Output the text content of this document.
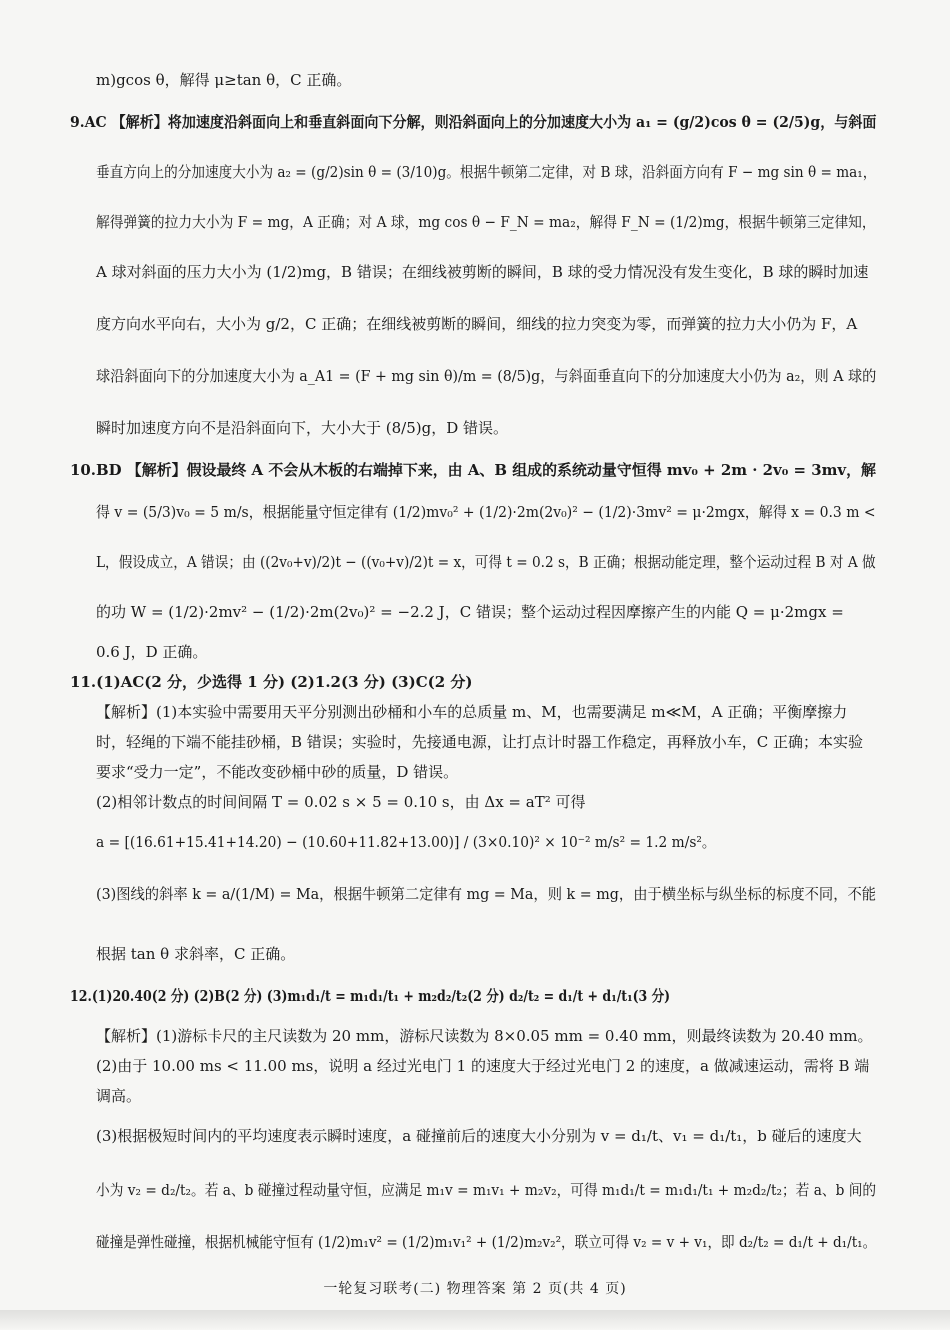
m)gcos θ，解得 μ≥tan θ，C 正确。
9.AC 【解析】将加速度沿斜面向上和垂直斜面向下分解，则沿斜面向上的分加速度大小为 a₁ = (g/2)cos θ = (2/5)g，与斜面
垂直方向上的分加速度大小为 a₂ = (g/2)sin θ = (3/10)g。根据牛顿第二定律，对 B 球，沿斜面方向有 F − mg sin θ = ma₁，
解得弹簧的拉力大小为 F = mg，A 正确；对 A 球，mg cos θ − F_N = ma₂，解得 F_N = (1/2)mg，根据牛顿第三定律知，
A 球对斜面的压力大小为 (1/2)mg，B 错误；在细线被剪断的瞬间，B 球的受力情况没有发生变化，B 球的瞬时加速
度方向水平向右，大小为 g/2，C 正确；在细线被剪断的瞬间，细线的拉力突变为零，而弹簧的拉力大小仍为 F，A
球沿斜面向下的分加速度大小为 a_A1 = (F + mg sin θ)/m = (8/5)g，与斜面垂直向下的分加速度大小仍为 a₂，则 A 球的
瞬时加速度方向不是沿斜面向下，大小大于 (8/5)g，D 错误。
10.BD 【解析】假设最终 A 不会从木板的右端掉下来，由 A、B 组成的系统动量守恒得 mv₀ + 2m · 2v₀ = 3mv，解
得 v = (5/3)v₀ = 5 m/s，根据能量守恒定律有 (1/2)mv₀² + (1/2)·2m(2v₀)² − (1/2)·3mv² = μ·2mgx，解得 x = 0.3 m <
L，假设成立，A 错误；由 ((2v₀+v)/2)t − ((v₀+v)/2)t = x，可得 t = 0.2 s，B 正确；根据动能定理，整个运动过程 B 对 A 做
的功 W = (1/2)·2mv² − (1/2)·2m(2v₀)² = −2.2 J，C 错误；整个运动过程因摩擦产生的内能 Q = μ·2mgx =
0.6 J，D 正确。
11.(1)AC(2 分，少选得 1 分) (2)1.2(3 分) (3)C(2 分)
【解析】(1)本实验中需要用天平分别测出砂桶和小车的总质量 m、M，也需要满足 m≪M，A 正确；平衡摩擦力
时，轻绳的下端不能挂砂桶，B 错误；实验时，先接通电源，让打点计时器工作稳定，再释放小车，C 正确；本实验
要求“受力一定”，不能改变砂桶中砂的质量，D 错误。
(2)相邻计数点的时间间隔 T = 0.02 s × 5 = 0.10 s，由 Δx = aT² 可得
a = [(16.61+15.41+14.20) − (10.60+11.82+13.00)] / (3×0.10)² × 10⁻² m/s² = 1.2 m/s²。
(3)图线的斜率 k = a/(1/M) = Ma，根据牛顿第二定律有 mg = Ma，则 k = mg，由于横坐标与纵坐标的标度不同，不能
根据 tan θ 求斜率，C 正确。
12.(1)20.40(2 分) (2)B(2 分) (3)m₁d₁/t = m₁d₁/t₁ + m₂d₂/t₂(2 分) d₂/t₂ = d₁/t + d₁/t₁(3 分)
【解析】(1)游标卡尺的主尺读数为 20 mm，游标尺读数为 8×0.05 mm = 0.40 mm，则最终读数为 20.40 mm。
(2)由于 10.00 ms < 11.00 ms，说明 a 经过光电门 1 的速度大于经过光电门 2 的速度，a 做减速运动，需将 B 端
调高。
(3)根据极短时间内的平均速度表示瞬时速度，a 碰撞前后的速度大小分别为 v = d₁/t、v₁ = d₁/t₁，b 碰后的速度大
小为 v₂ = d₂/t₂。若 a、b 碰撞过程动量守恒，应满足 m₁v = m₁v₁ + m₂v₂，可得 m₁d₁/t = m₁d₁/t₁ + m₂d₂/t₂；若 a、b 间的
碰撞是弹性碰撞，根据机械能守恒有 (1/2)m₁v² = (1/2)m₁v₁² + (1/2)m₂v₂²，联立可得 v₂ = v + v₁，即 d₂/t₂ = d₁/t + d₁/t₁。
一轮复习联考(二) 物理答案 第 2 页(共 4 页)
